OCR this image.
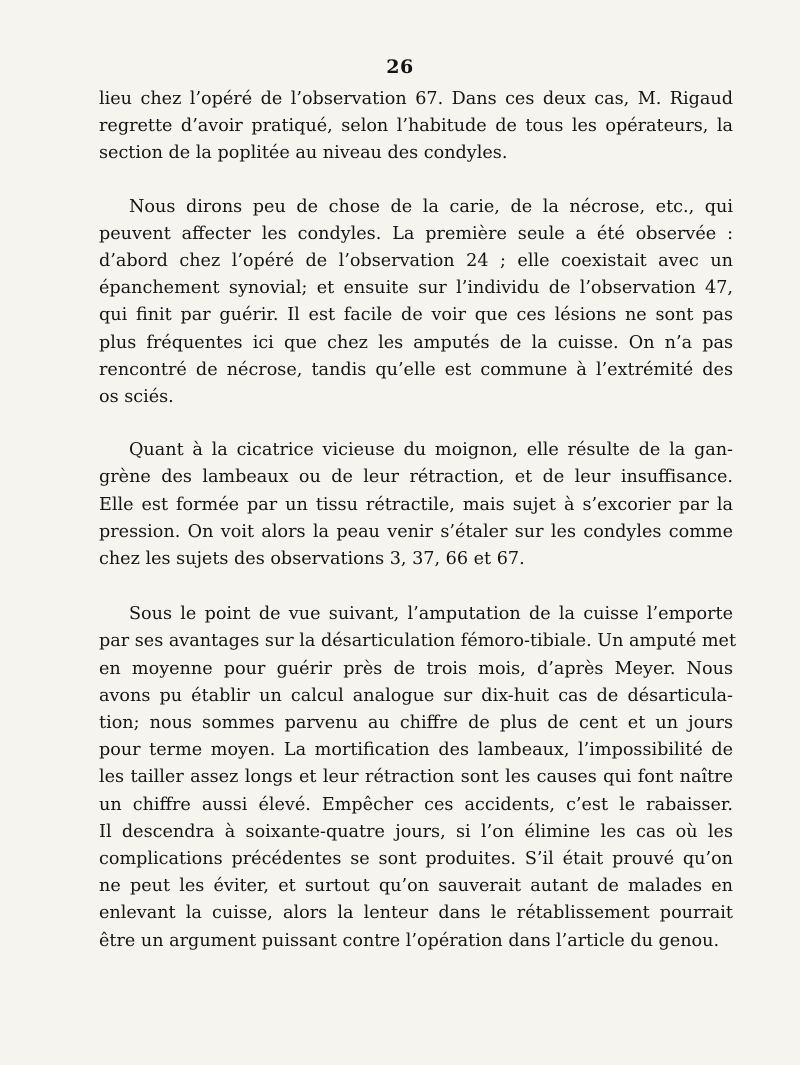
26

lieu chez l’opéré de l’observation 67. Dans ces deux cas, M. Rigaud
regrette d’avoir pratiqué, selon l’habitude de tous les opérateurs, la
section de la poplitée au niveau des condyles.

Nous dirons peu de chose de la carie, de la nécrose, etc., qui
peuvent affecter les condyles. La première seule a été observée :
d’abord chez l’opéré de l’observation 24 ; elle coexistait avec un
épanchement synovial; et ensuite sur l’individu de l’observation 47,
qui finit par guérir. Il est facile de voir que ces lésions ne sont pas
plus fréquentes ici que chez les amputés de la cuisse. On n’a pas
rencontré de nécrose, tandis qu’elle est commune à l’extrémité des
os sciés.

Quant à la cicatrice vicieuse du moignon, elle résulte de la gan-
grène des lambeaux ou de leur rétraction, et de leur insuffisance.
Elle est formée par un tissu rétractile, mais sujet à s’excorier par la
pression. On voit alors la peau venir s’étaler sur les condyles comme
chez les sujets des observations 3, 37, 66 et 67.

Sous le point de vue suivant, l’amputation de la cuisse l’emporte
par ses avantages sur la désarticulation fémoro-tibiale. Un amputé met
en moyenne pour guérir près de trois mois, d’après Meyer. Nous
avons pu établir un calcul analogue sur dix-huit cas de désarticula-
tion; nous sommes parvenu au chiffre de plus de cent et un jours
pour terme moyen. La mortification des lambeaux, l’impossibilité de
les tailler assez longs et leur rétraction sont les causes qui font naître
un chiffre aussi élevé. Empêcher ces accidents, c’est le rabaisser.
Il descendra à soixante-quatre jours, si l’on élimine les cas où les
complications précédentes se sont produites. S’il était prouvé qu’on
ne peut les éviter, et surtout qu’on sauverait autant de malades en
enlevant la cuisse, alors la lenteur dans le rétablissement pourrait
être un argument puissant contre l’opération dans l’article du genou.
